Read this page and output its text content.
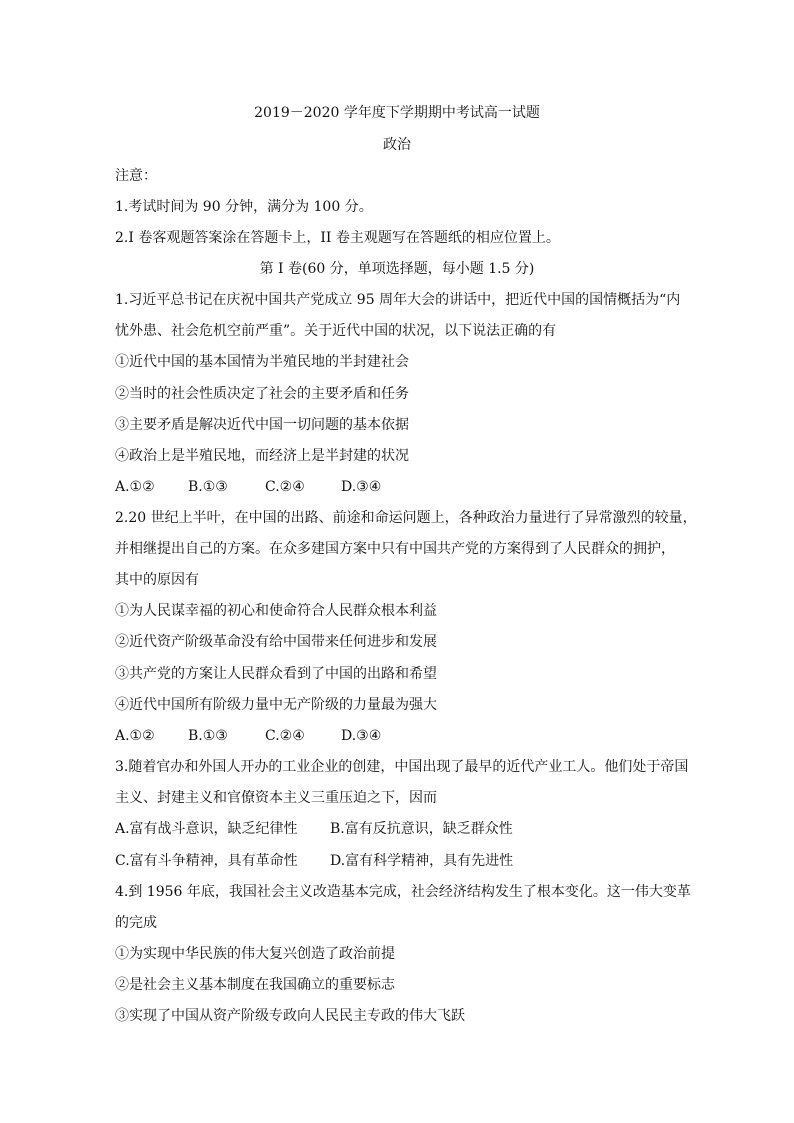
2019－2020 学年度下学期期中考试高一试题
政治
注意：
1.考试时间为 90 分钟，满分为 100 分。
2.I 卷客观题答案涂在答题卡上，II 卷主观题写在答题纸的相应位置上。
第 I 卷(60 分，单项选择题，每小题 1.5 分)
1.习近平总书记在庆祝中国共产党成立 95 周年大会的讲话中，把近代中国的国情概括为“内
忧外患、社会危机空前严重”。关于近代中国的状况，以下说法正确的有
①近代中国的基本国情为半殖民地的半封建社会
②当时的社会性质决定了社会的主要矛盾和任务
③主要矛盾是解决近代中国一切问题的基本依据
④政治上是半殖民地，而经济上是半封建的状况
A.①② B.①③	C.②④	D.③④
2.20 世纪上半叶，在中国的出路、前途和命运问题上，各种政治力量进行了异常激烈的较量，
并相继提出自己的方案。在众多建国方案中只有中国共产党的方案得到了人民群众的拥护，
其中的原因有
①为人民谋幸福的初心和使命符合人民群众根本利益
②近代资产阶级革命没有给中国带来任何进步和发展
③共产党的方案让人民群众看到了中国的出路和希望
④近代中国所有阶级力量中无产阶级的力量最为强大
A.①② B.①③	C.②④	D.③④
3.随着官办和外国人开办的工业企业的创建，中国出现了最早的近代产业工人。他们处于帝国
主义、封建主义和官僚资本主义三重压迫之下，因而
A.富有战斗意识，缺乏纪律性 B.富有反抗意识，缺乏群众性
C.富有斗争精神，具有革命性 D.富有科学精神，具有先进性
4.到 1956 年底，我国社会主义改造基本完成，社会经济结构发生了根本变化。这一伟大变革
的完成
①为实现中华民族的伟大复兴创造了政治前提
②是社会主义基本制度在我国确立的重要标志
③实现了中国从资产阶级专政向人民民主专政的伟大飞跃
